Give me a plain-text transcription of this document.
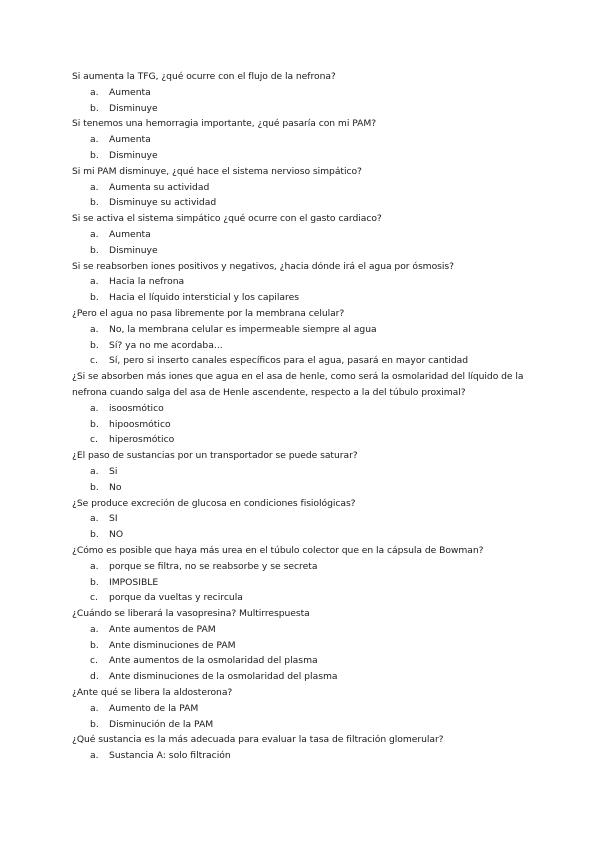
Si aumenta la TFG, ¿qué ocurre con el flujo de la nefrona?
a. Aumenta
b. Disminuye
Si tenemos una hemorragia importante, ¿qué pasaría con mi PAM?
a. Aumenta
b. Disminuye
Si mi PAM disminuye, ¿qué hace el sistema nervioso simpático?
a. Aumenta su actividad
b. Disminuye su actividad
Si se activa el sistema simpático ¿qué ocurre con el gasto cardiaco?
a. Aumenta
b. Disminuye
Si se reabsorben iones positivos y negativos, ¿hacia dónde irá el agua por ósmosis?
a. Hacia la nefrona
b. Hacia el líquido intersticial y los capilares
¿Pero el agua no pasa libremente por la membrana celular?
a. No, la membrana celular es impermeable siempre al agua
b. Sí? ya no me acordaba...
c. Sí, pero si inserto canales específicos para el agua, pasará en mayor cantidad
¿Si se absorben más iones que agua en el asa de henle, como será la osmolaridad del líquido de la nefrona cuando salga del asa de Henle ascendente, respecto a la del túbulo proximal?
a. isoosmótico
b. hipoosmótico
c. hiperosmótico
¿El paso de sustancias por un transportador se puede saturar?
a. Si
b. No
¿Se produce excreción de glucosa en condiciones fisiológicas?
a. SI
b. NO
¿Cómo es posible que haya más urea en el túbulo colector que en la cápsula de Bowman?
a. porque se filtra, no se reabsorbe y se secreta
b. IMPOSIBLE
c. porque da vueltas y recircula
¿Cuándo se liberará la vasopresina? Multirrespuesta
a. Ante aumentos de PAM
b. Ante disminuciones de PAM
c. Ante aumentos de la osmolaridad del plasma
d. Ante disminuciones de la osmolaridad del plasma
¿Ante qué se libera la aldosterona?
a. Aumento de la PAM
b. Disminución de la PAM
¿Qué sustancia es la más adecuada para evaluar la tasa de filtración glomerular?
a. Sustancia A: solo filtración
